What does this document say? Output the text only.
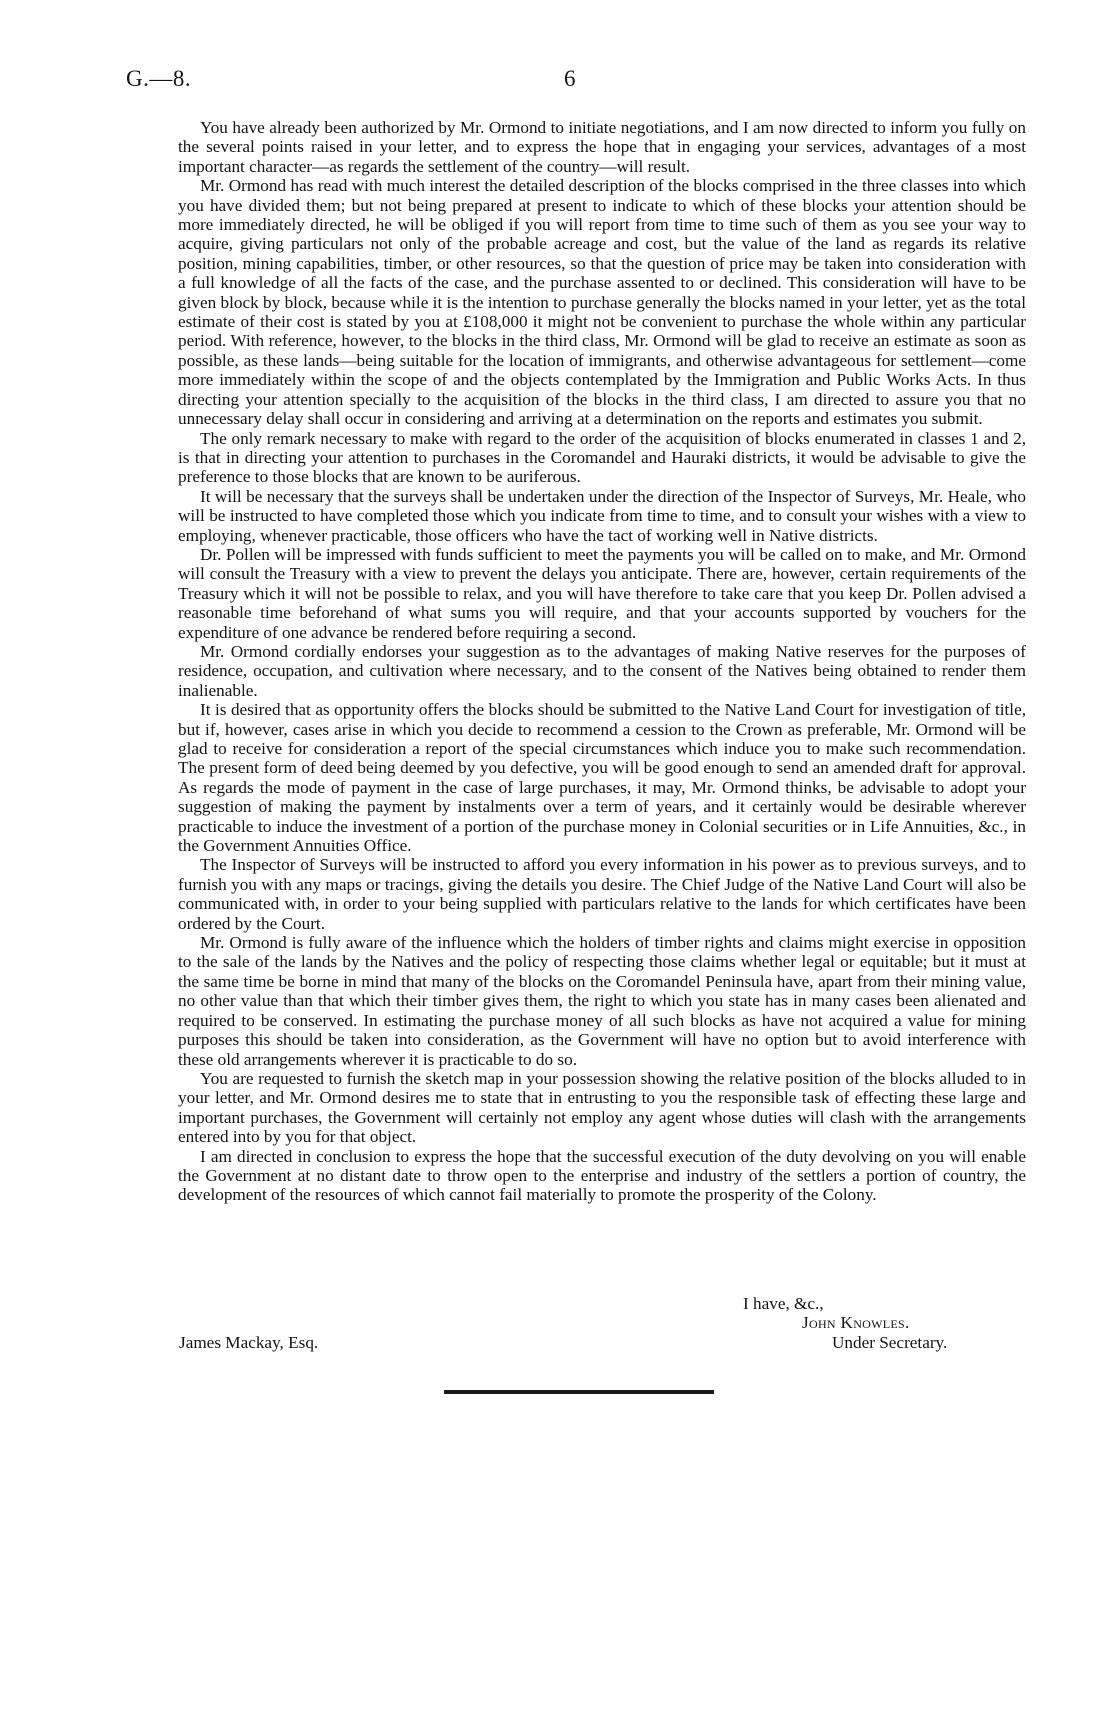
G.—8.	6

You have already been authorized by Mr. Ormond to initiate negotiations, and I am now directed to inform you fully on the several points raised in your letter, and to express the hope that in engaging your services, advantages of a most important character—as regards the settlement of the country—will result.

Mr. Ormond has read with much interest the detailed description of the blocks comprised in the three classes into which you have divided them; but not being prepared at present to indicate to which of these blocks your attention should be more immediately directed, he will be obliged if you will report from time to time such of them as you see your way to acquire, giving particulars not only of the probable acreage and cost, but the value of the land as regards its relative position, mining capabilities, timber, or other resources, so that the question of price may be taken into consideration with a full knowledge of all the facts of the case, and the purchase assented to or declined. This consideration will have to be given block by block, because while it is the intention to purchase generally the blocks named in your letter, yet as the total estimate of their cost is stated by you at £108,000 it might not be convenient to purchase the whole within any particular period. With reference, however, to the blocks in the third class, Mr. Ormond will be glad to receive an estimate as soon as possible, as these lands—being suitable for the location of immigrants, and otherwise advantageous for settlement—come more immediately within the scope of and the objects contemplated by the Immigration and Public Works Acts. In thus directing your attention specially to the acquisition of the blocks in the third class, I am directed to assure you that no unnecessary delay shall occur in considering and arriving at a determination on the reports and estimates you submit.

The only remark necessary to make with regard to the order of the acquisition of blocks enumerated in classes 1 and 2, is that in directing your attention to purchases in the Coromandel and Hauraki districts, it would be advisable to give the preference to those blocks that are known to be auriferous.

It will be necessary that the surveys shall be undertaken under the direction of the Inspector of Surveys, Mr. Heale, who will be instructed to have completed those which you indicate from time to time, and to consult your wishes with a view to employing, whenever practicable, those officers who have the tact of working well in Native districts.

Dr. Pollen will be impressed with funds sufficient to meet the payments you will be called on to make, and Mr. Ormond will consult the Treasury with a view to prevent the delays you anticipate. There are, however, certain requirements of the Treasury which it will not be possible to relax, and you will have therefore to take care that you keep Dr. Pollen advised a reasonable time beforehand of what sums you will require, and that your accounts supported by vouchers for the expenditure of one advance be rendered before requiring a second.

Mr. Ormond cordially endorses your suggestion as to the advantages of making Native reserves for the purposes of residence, occupation, and cultivation where necessary, and to the consent of the Natives being obtained to render them inalienable.

It is desired that as opportunity offers the blocks should be submitted to the Native Land Court for investigation of title, but if, however, cases arise in which you decide to recommend a cession to the Crown as preferable, Mr. Ormond will be glad to receive for consideration a report of the special circumstances which induce you to make such recommendation. The present form of deed being deemed by you defective, you will be good enough to send an amended draft for approval. As regards the mode of payment in the case of large purchases, it may, Mr. Ormond thinks, be advisable to adopt your suggestion of making the payment by instalments over a term of years, and it certainly would be desirable wherever practicable to induce the investment of a portion of the purchase money in Colonial securities or in Life Annuities, &c., in the Government Annuities Office.

The Inspector of Surveys will be instructed to afford you every information in his power as to previous surveys, and to furnish you with any maps or tracings, giving the details you desire. The Chief Judge of the Native Land Court will also be communicated with, in order to your being supplied with particulars relative to the lands for which certificates have been ordered by the Court.

Mr. Ormond is fully aware of the influence which the holders of timber rights and claims might exercise in opposition to the sale of the lands by the Natives and the policy of respecting those claims whether legal or equitable; but it must at the same time be borne in mind that many of the blocks on the Coromandel Peninsula have, apart from their mining value, no other value than that which their timber gives them, the right to which you state has in many cases been alienated and required to be conserved. In estimating the purchase money of all such blocks as have not acquired a value for mining purposes this should be taken into consideration, as the Government will have no option but to avoid interference with these old arrangements wherever it is practicable to do so.

You are requested to furnish the sketch map in your possession showing the relative position of the blocks alluded to in your letter, and Mr. Ormond desires me to state that in entrusting to you the responsible task of effecting these large and important purchases, the Government will certainly not employ any agent whose duties will clash with the arrangements entered into by you for that object.

I am directed in conclusion to express the hope that the successful execution of the duty devolving on you will enable the Government at no distant date to throw open to the enterprise and industry of the settlers a portion of country, the development of the resources of which cannot fail materially to promote the prosperity of the Colony.

I have, &c.,
John Knowles.
Under Secretary.
James Mackay, Esq.
